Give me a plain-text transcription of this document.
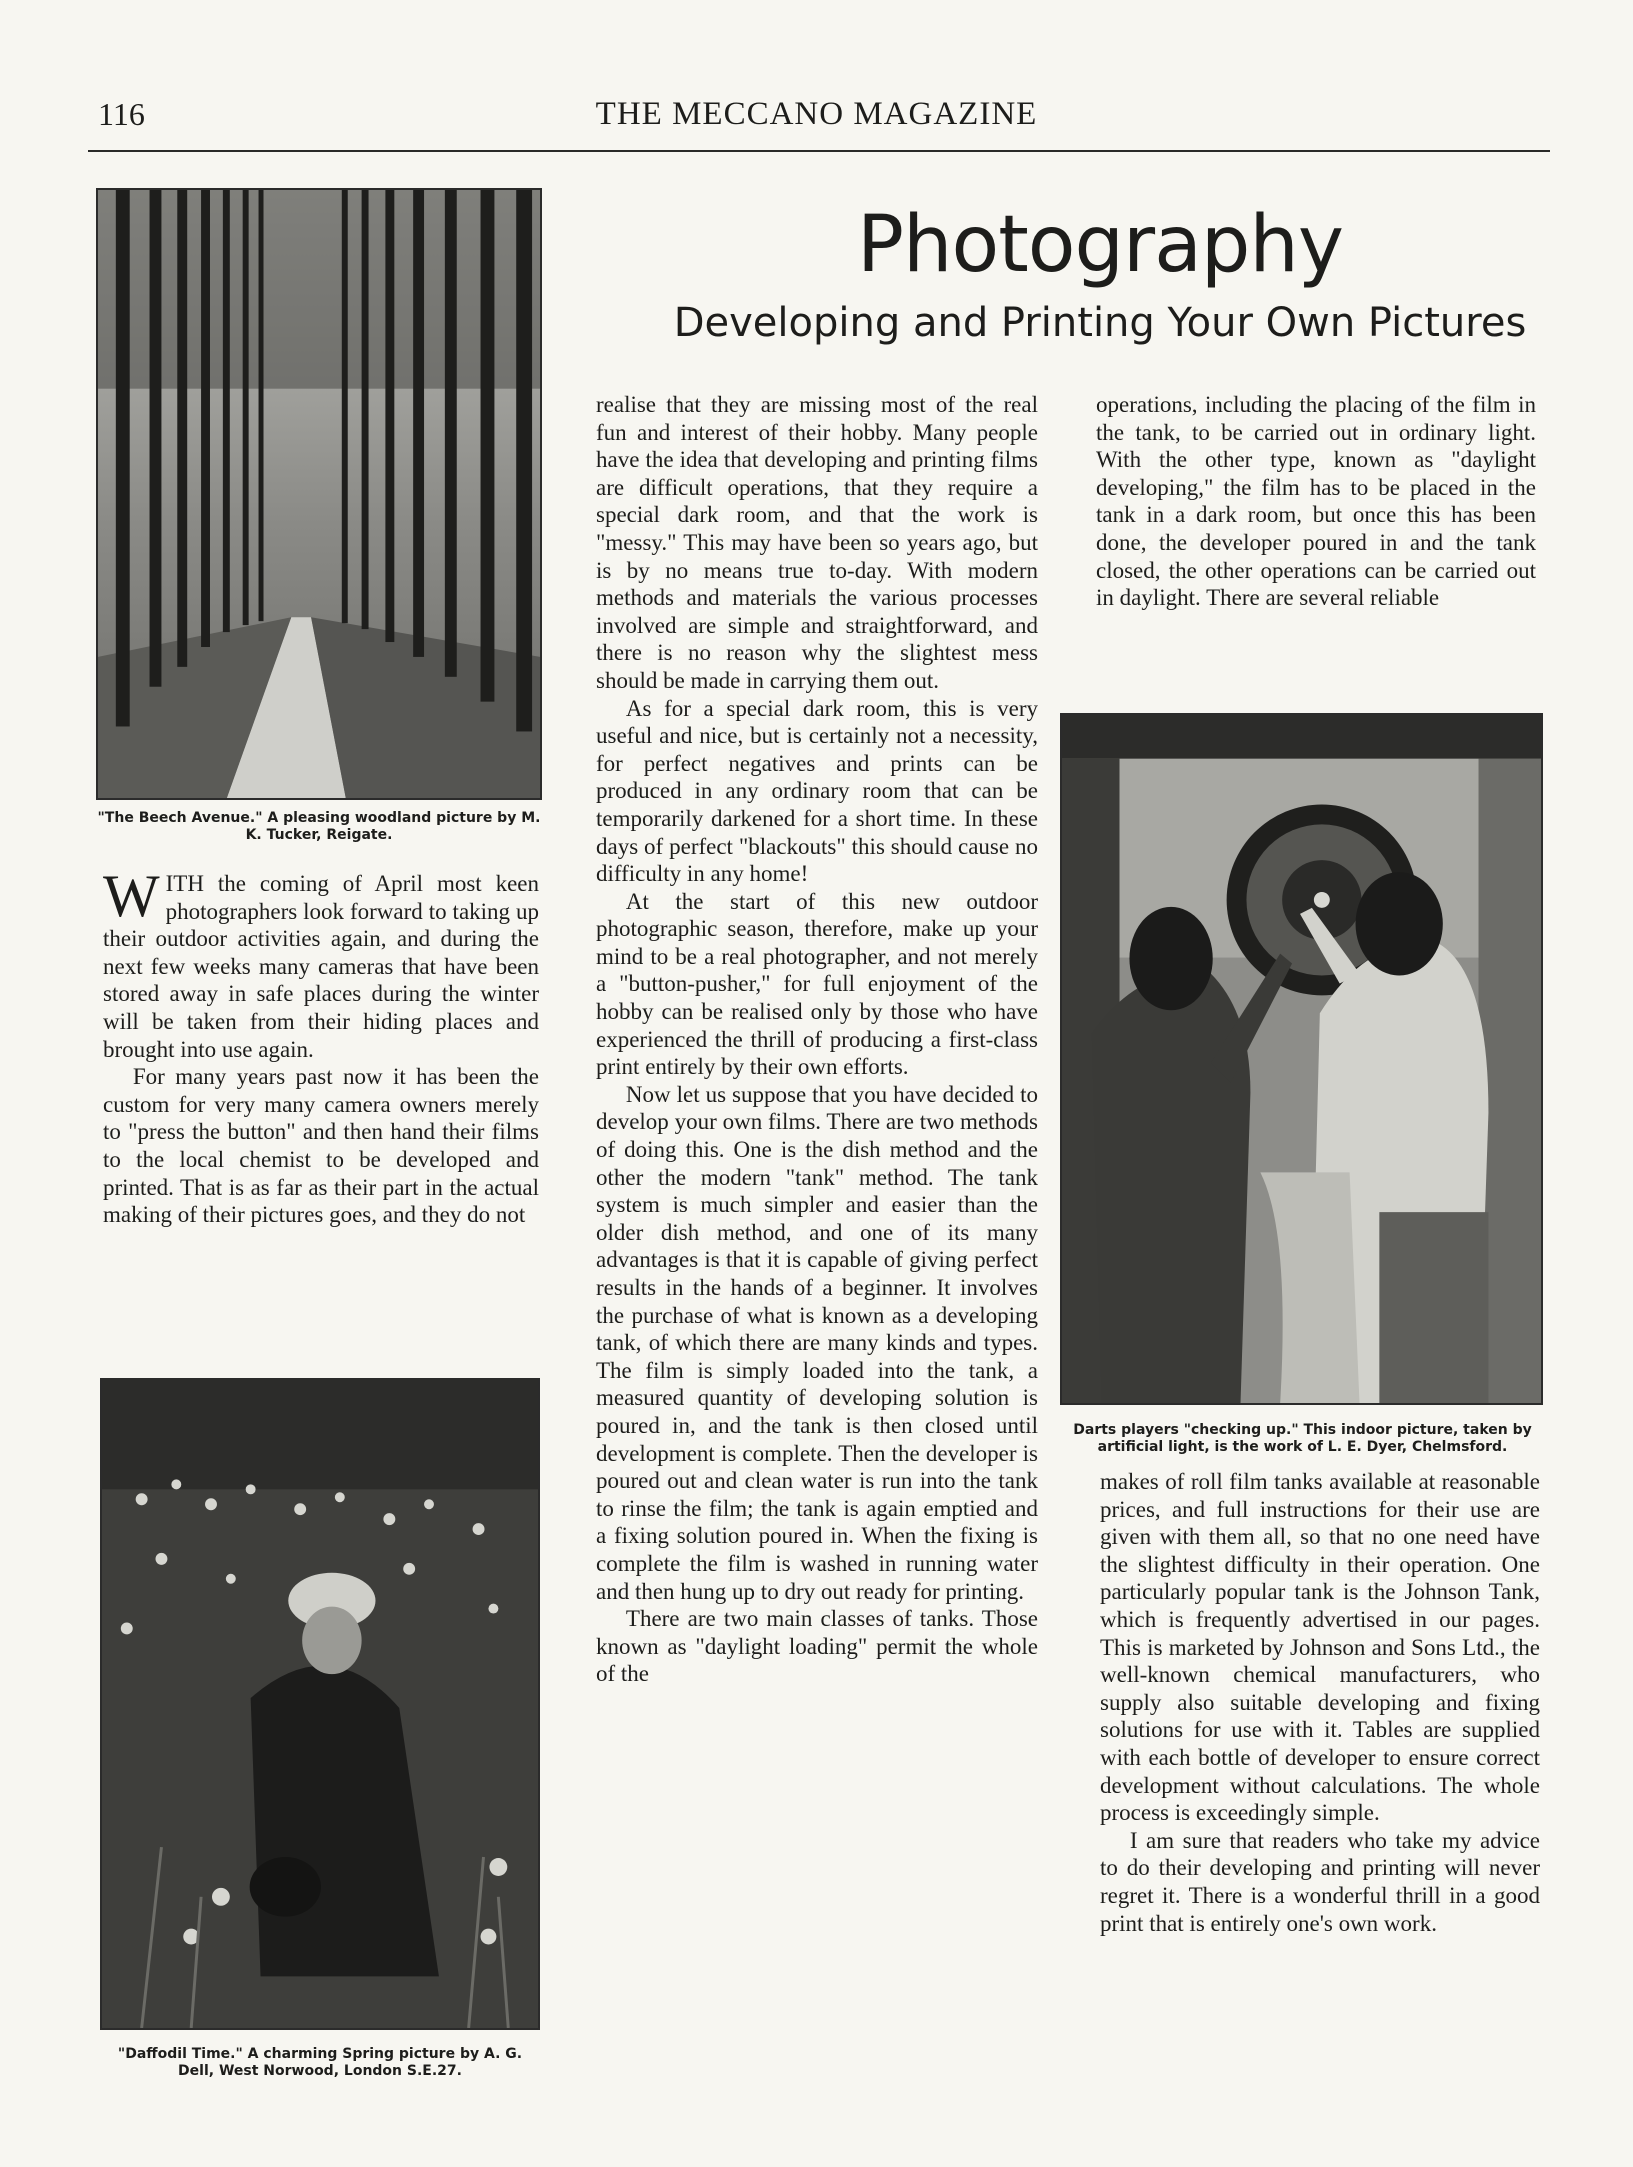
116	THE MECCANO MAGAZINE
Photography
Developing and Printing Your Own Pictures
"The Beech Avenue." A pleasing woodland picture by M. K. Tucker, Reigate.
"Daffodil Time." A charming Spring picture by A. G. Dell, West Norwood, London S.E.27.
Darts players "checking up." This indoor picture, taken by artificial light, is the work of L. E. Dyer, Chelmsford.

WITH the coming of April most keen photographers look forward to taking up their outdoor activities again, and during the next few weeks many cameras that have been stored away in safe places during the winter will be taken from their hiding places and brought into use again.

For many years past now it has been the custom for very many camera owners merely to "press the button" and then hand their films to the local chemist to be developed and printed. That is as far as their part in the actual making of their pictures goes, and they do not

realise that they are missing most of the real fun and interest of their hobby. Many people have the idea that developing and printing films are difficult operations, that they require a special dark room, and that the work is "messy." This may have been so years ago, but is by no means true to-day. With modern methods and materials the various processes involved are simple and straightforward, and there is no reason why the slightest mess should be made in carrying them out.

As for a special dark room, this is very useful and nice, but is certainly not a necessity, for perfect negatives and prints can be produced in any ordinary room that can be temporarily darkened for a short time. In these days of perfect "blackouts" this should cause no difficulty in any home!

At the start of this new outdoor photographic season, therefore, make up your mind to be a real photographer, and not merely a "button-pusher," for full enjoyment of the hobby can be realised only by those who have experienced the thrill of producing a first-class print entirely by their own efforts.

Now let us suppose that you have decided to develop your own films. There are two methods of doing this. One is the dish method and the other the modern "tank" method. The tank system is much simpler and easier than the older dish method, and one of its many advantages is that it is capable of giving perfect results in the hands of a beginner. It involves the purchase of what is known as a developing tank, of which there are many kinds and types. The film is simply loaded into the tank, a measured quantity of developing solution is poured in, and the tank is then closed until development is complete. Then the developer is poured out and clean water is run into the tank to rinse the film; the tank is again emptied and a fixing solution poured in. When the fixing is complete the film is washed in running water and then hung up to dry out ready for printing.

There are two main classes of tanks. Those known as "daylight loading" permit the whole of the

operations, including the placing of the film in the tank, to be carried out in ordinary light. With the other type, known as "daylight developing," the film has to be placed in the tank in a dark room, but once this has been done, the developer poured in and the tank closed, the other operations can be carried out in daylight. There are several reliable

makes of roll film tanks available at reasonable prices, and full instructions for their use are given with them all, so that no one need have the slightest difficulty in their operation. One particularly popular tank is the Johnson Tank, which is frequently advertised in our pages. This is marketed by Johnson and Sons Ltd., the well-known chemical manufacturers, who supply also suitable developing and fixing solutions for use with it. Tables are supplied with each bottle of developer to ensure correct development without calculations. The whole process is exceedingly simple.

I am sure that readers who take my advice to do their developing and printing will never regret it. There is a wonderful thrill in a good print that is entirely one's own work.
